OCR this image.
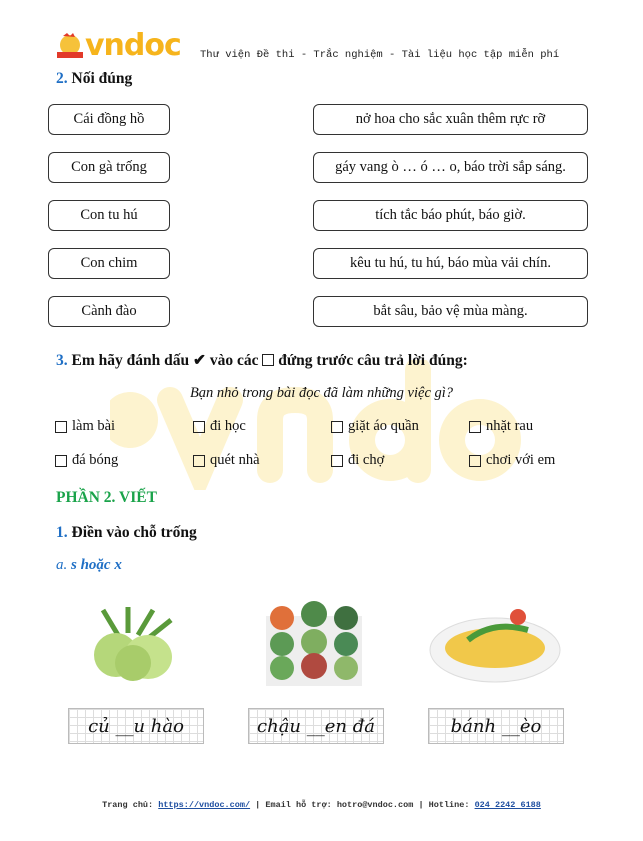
vndoc Thư viện Đề thi - Trắc nghiệm - Tài liệu học tập miễn phí
2. Nối đúng
Cái đồng hồ
Con gà trống
Con tu hú
Con chim
Cành đào
nở hoa cho sắc xuân thêm rực rỡ
gáy vang ò … ó … o, báo trời sắp sáng.
tích tắc báo phút, báo giờ.
kêu tu hú, tu hú, báo mùa vải chín.
bắt sâu, bảo vệ mùa màng.
3. Em hãy đánh dấu ✔ vào các đứng trước câu trả lời đúng:
Bạn nhỏ trong bài đọc đã làm những việc gì?
làm bài	đi học	giặt áo quần	nhặt rau
đá bóng	quét nhà	đi chợ	chơi với em
PHẦN 2. VIẾT
1. Điền vào chỗ trống
a. s hoặc x
củ __u hào	chậu __en đá	bánh __èo
Trang chủ: https://vndoc.com/ | Email hỗ trợ: hotro@vndoc.com | Hotline: 024 2242 6188
